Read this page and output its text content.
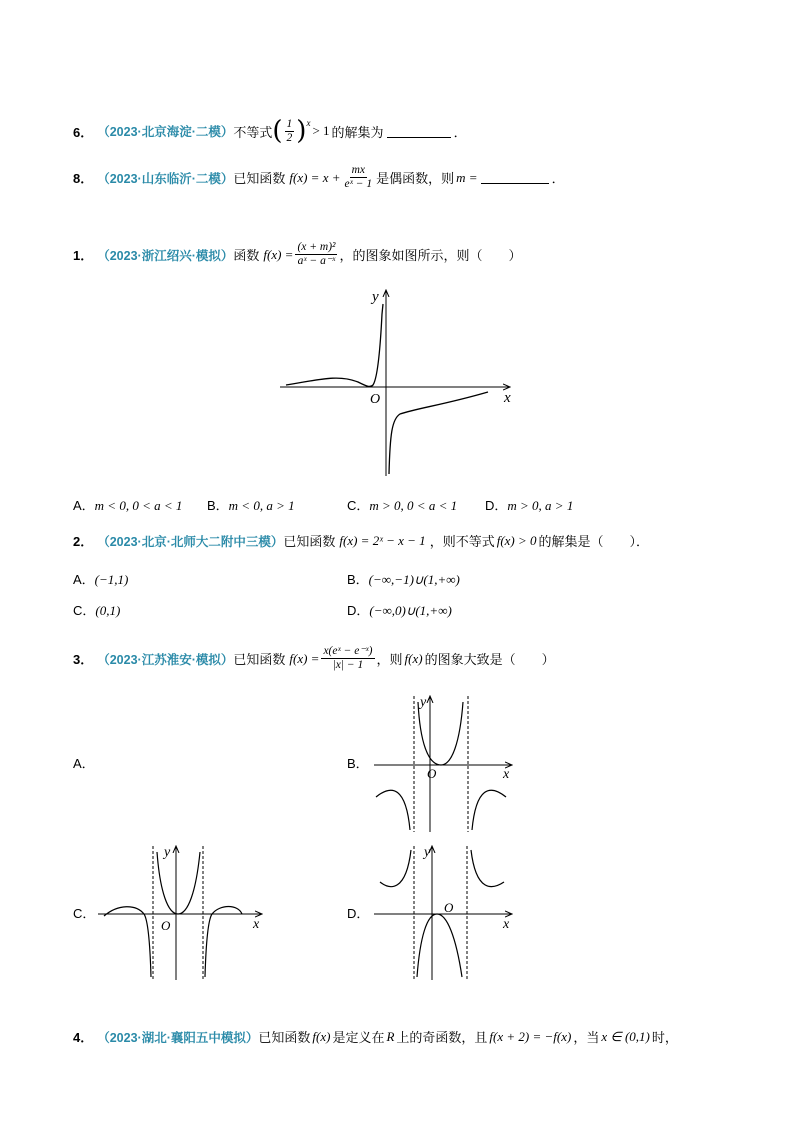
6． （2023·北京海淀·二模） 不等式 ( $\frac{1}{2} )^x > 1$ 的解集为	．
8． （2023·山东临沂·二模） 已知函数 $f(x) = x + \frac{mx}{\text{eˣ − 1}}$ 是偶函数，则 m =	．
1． （2023·浙江绍兴·模拟） 函数 $f(x) = \frac{\text{(x + m)²}}{\text{aˣ − a⁻ˣ}}$ ，的图象如图所示，则（　　）
y
x
O
A．m < 0, 0 < a < 1 B．m < 0, a > 1	C．m > 0, 0 < a < 1 D．m > 0, a > 1
2． （2023·北京·北师大二附中三模） 已知函数 f(x) = 2ˣ − x − 1 ，则不等式 f(x) > 0 的解集是（　　）．
A．(−1,1)	B．(−∞,−1)∪(1,+∞)
C．(0,1)	D．(−∞,0)∪(1,+∞)
3． （2023·江苏淮安·模拟） 已知函数 $f(x) = \frac{\text{x(eˣ − e⁻ˣ)}}{|x| - 1}$ ，则 f(x) 的图象大致是（　　）
A．	B．
y
x
O
C．	D．
y
x
O
y
x
O
4． （2023·湖北·襄阳五中模拟） 已知函数 f(x) 是定义在 R 上的奇函数，且 f(x + 2) = −f(x) ，当 x ∈ (0,1) 时，
